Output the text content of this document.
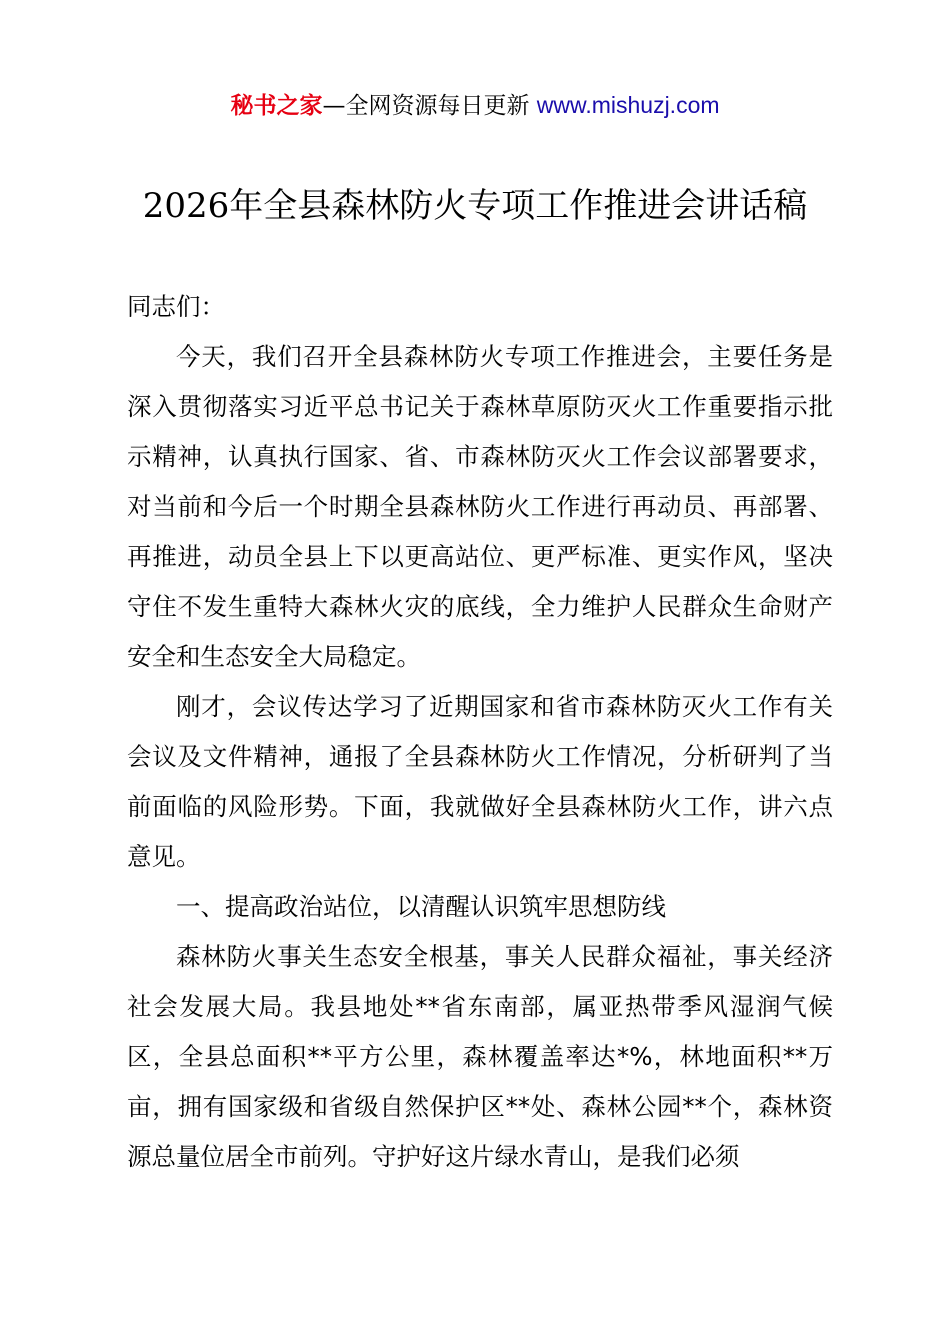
秘书之家—全网资源每日更新 www.mishuzj.com
2026年全县森林防火专项工作推进会讲话稿

同志们：

今天，我们召开全县森林防火专项工作推进会，主要任务是深入贯彻落实习近平总书记关于森林草原防灭火工作重要指示批示精神，认真执行国家、省、市森林防灭火工作会议部署要求，对当前和今后一个时期全县森林防火工作进行再动员、再部署、再推进，动员全县上下以更高站位、更严标准、更实作风，坚决守住不发生重特大森林火灾的底线，全力维护人民群众生命财产安全和生态安全大局稳定。

刚才，会议传达学习了近期国家和省市森林防灭火工作有关会议及文件精神，通报了全县森林防火工作情况，分析研判了当前面临的风险形势。下面，我就做好全县森林防火工作，讲六点意见。

一、提高政治站位，以清醒认识筑牢思想防线

森林防火事关生态安全根基，事关人民群众福祉，事关经济社会发展大局。我县地处**省东南部，属亚热带季风湿润气候区，全县总面积**平方公里，森林覆盖率达*%，林地面积**万亩，拥有国家级和省级自然保护区**处、森林公园**个，森林资源总量位居全市前列。守护好这片绿水青山，是我们必须
